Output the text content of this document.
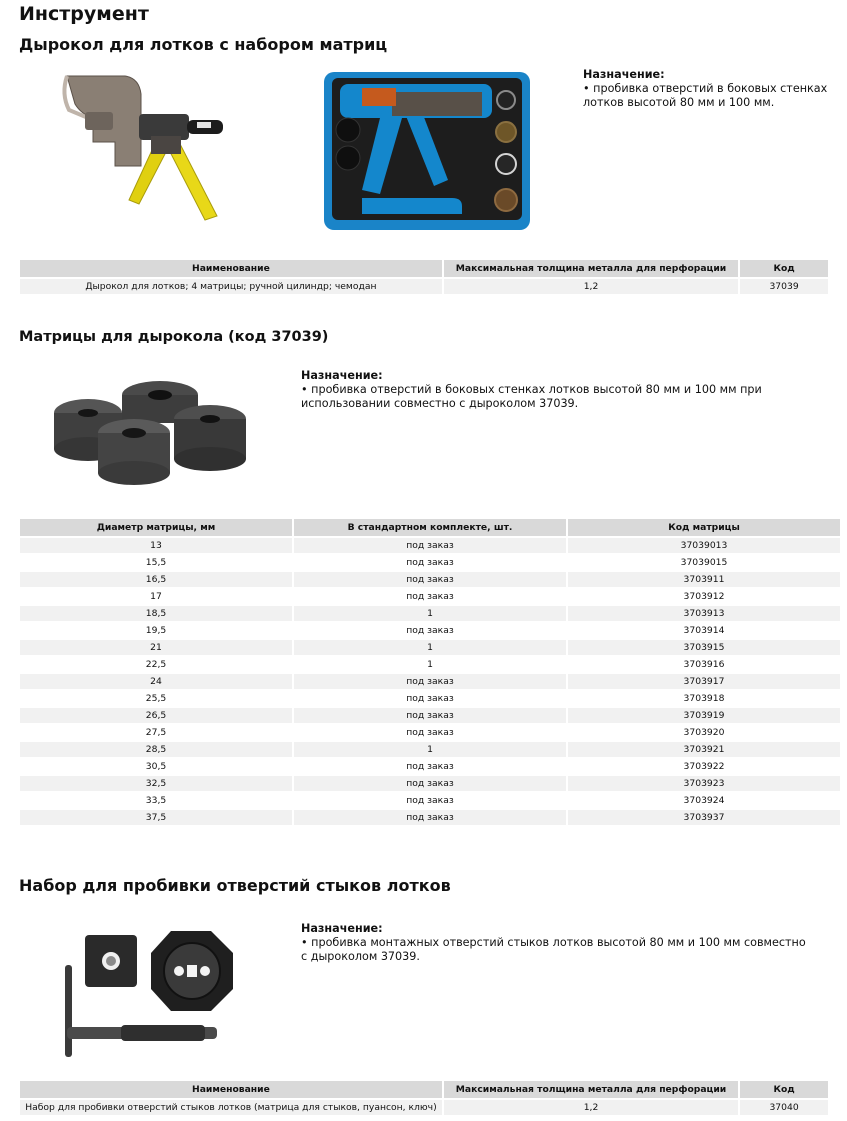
Инструмент
Дырокол для лотков с набором матриц
Назначение:
• пробивка отверстий в боковых стенках лотков высотой 80 мм и 100 мм.
Наименование	Максимальная толщина металла для перфорации	Код
Дырокол для лотков; 4 матрицы; ручной цилиндр; чемодан	1,2	37039
Матрицы для дырокола (код 37039)
Назначение:
• пробивка отверстий в боковых стенках лотков высотой 80 мм и 100 мм при использовании совместно с дыроколом 37039.
Диаметр матрицы, мм	В стандартном комплекте, шт.	Код матрицы
13	под заказ	37039013
15,5	под заказ	37039015
16,5	под заказ	3703911
17	под заказ	3703912
18,5	1	3703913
19,5	под заказ	3703914
21	1	3703915
22,5	1	3703916
24	под заказ	3703917
25,5	под заказ	3703918
26,5	под заказ	3703919
27,5	под заказ	3703920
28,5	1	3703921
30,5	под заказ	3703922
32,5	под заказ	3703923
33,5	под заказ	3703924
37,5	под заказ	3703937
Набор для пробивки отверстий стыков лотков
Назначение:
• пробивка монтажных отверстий стыков лотков высотой 80 мм и 100 мм совместно с дыроколом 37039.
Наименование	Максимальная толщина металла для перфорации	Код
Набор для пробивки отверстий стыков лотков (матрица для стыков, пуансон, ключ)	1,2	37040
